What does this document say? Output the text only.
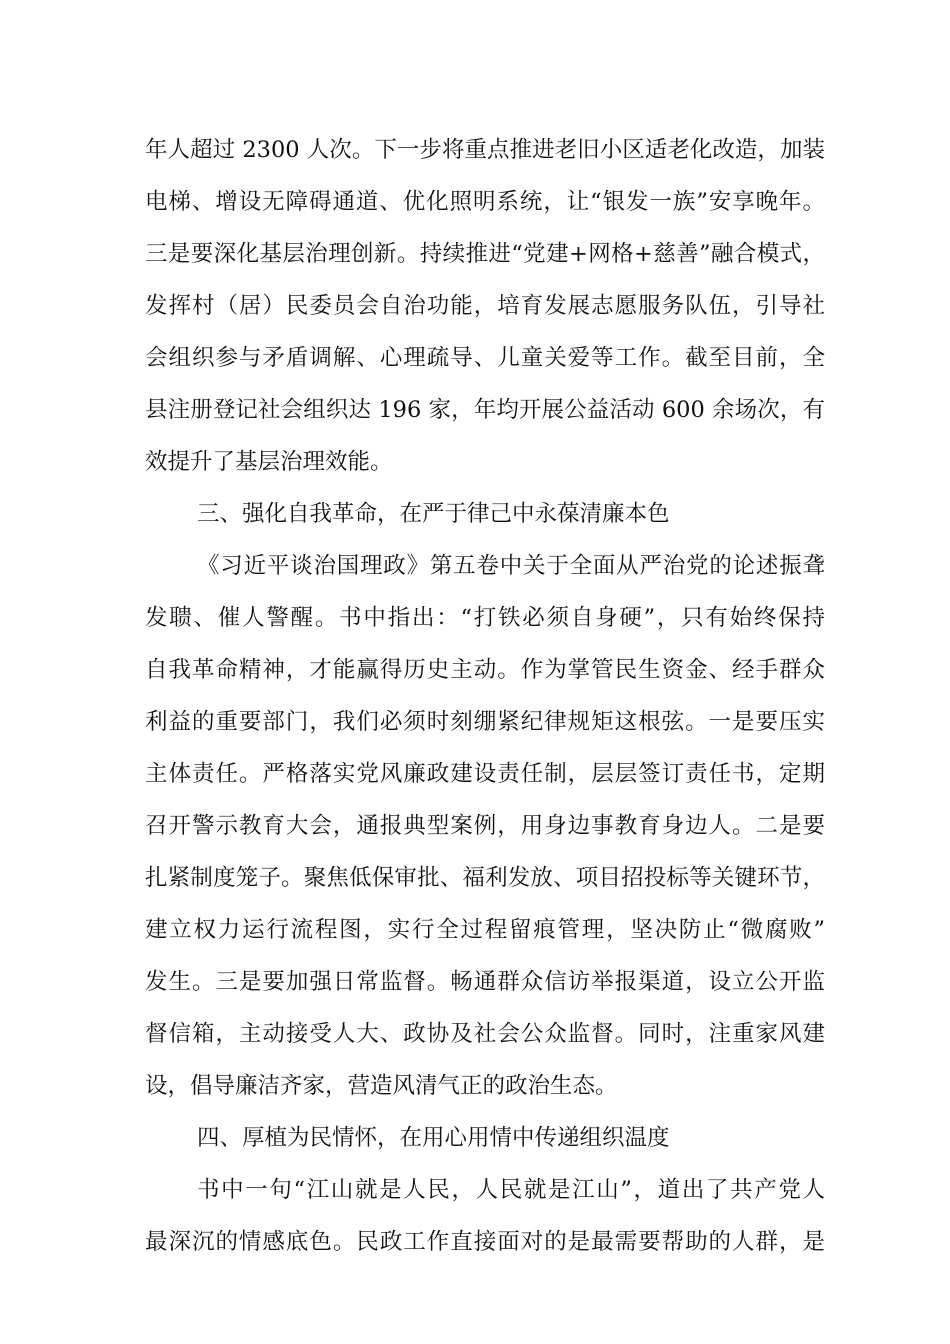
年人超过 2300 人次。下一步将重点推进老旧小区适老化改造，加装
电梯、增设无障碍通道、优化照明系统，让“银发一族”安享晚年。
三是要深化基层治理创新。持续推进“党建+网格+慈善”融合模式，
发挥村（居）民委员会自治功能，培育发展志愿服务队伍，引导社
会组织参与矛盾调解、心理疏导、儿童关爱等工作。截至目前，全
县注册登记社会组织达 196 家，年均开展公益活动 600 余场次，有
效提升了基层治理效能。
三、强化自我革命，在严于律己中永葆清廉本色
《习近平谈治国理政》第五卷中关于全面从严治党的论述振聋
发聩、催人警醒。书中指出：“打铁必须自身硬”，只有始终保持
自我革命精神，才能赢得历史主动。作为掌管民生资金、经手群众
利益的重要部门，我们必须时刻绷紧纪律规矩这根弦。一是要压实
主体责任。严格落实党风廉政建设责任制，层层签订责任书，定期
召开警示教育大会，通报典型案例，用身边事教育身边人。二是要
扎紧制度笼子。聚焦低保审批、福利发放、项目招投标等关键环节，
建立权力运行流程图，实行全过程留痕管理，坚决防止“微腐败”
发生。三是要加强日常监督。畅通群众信访举报渠道，设立公开监
督信箱，主动接受人大、政协及社会公众监督。同时，注重家风建
设，倡导廉洁齐家，营造风清气正的政治生态。
四、厚植为民情怀，在用心用情中传递组织温度
书中一句“江山就是人民，人民就是江山”，道出了共产党人
最深沉的情感底色。民政工作直接面对的是最需要帮助的人群，是
